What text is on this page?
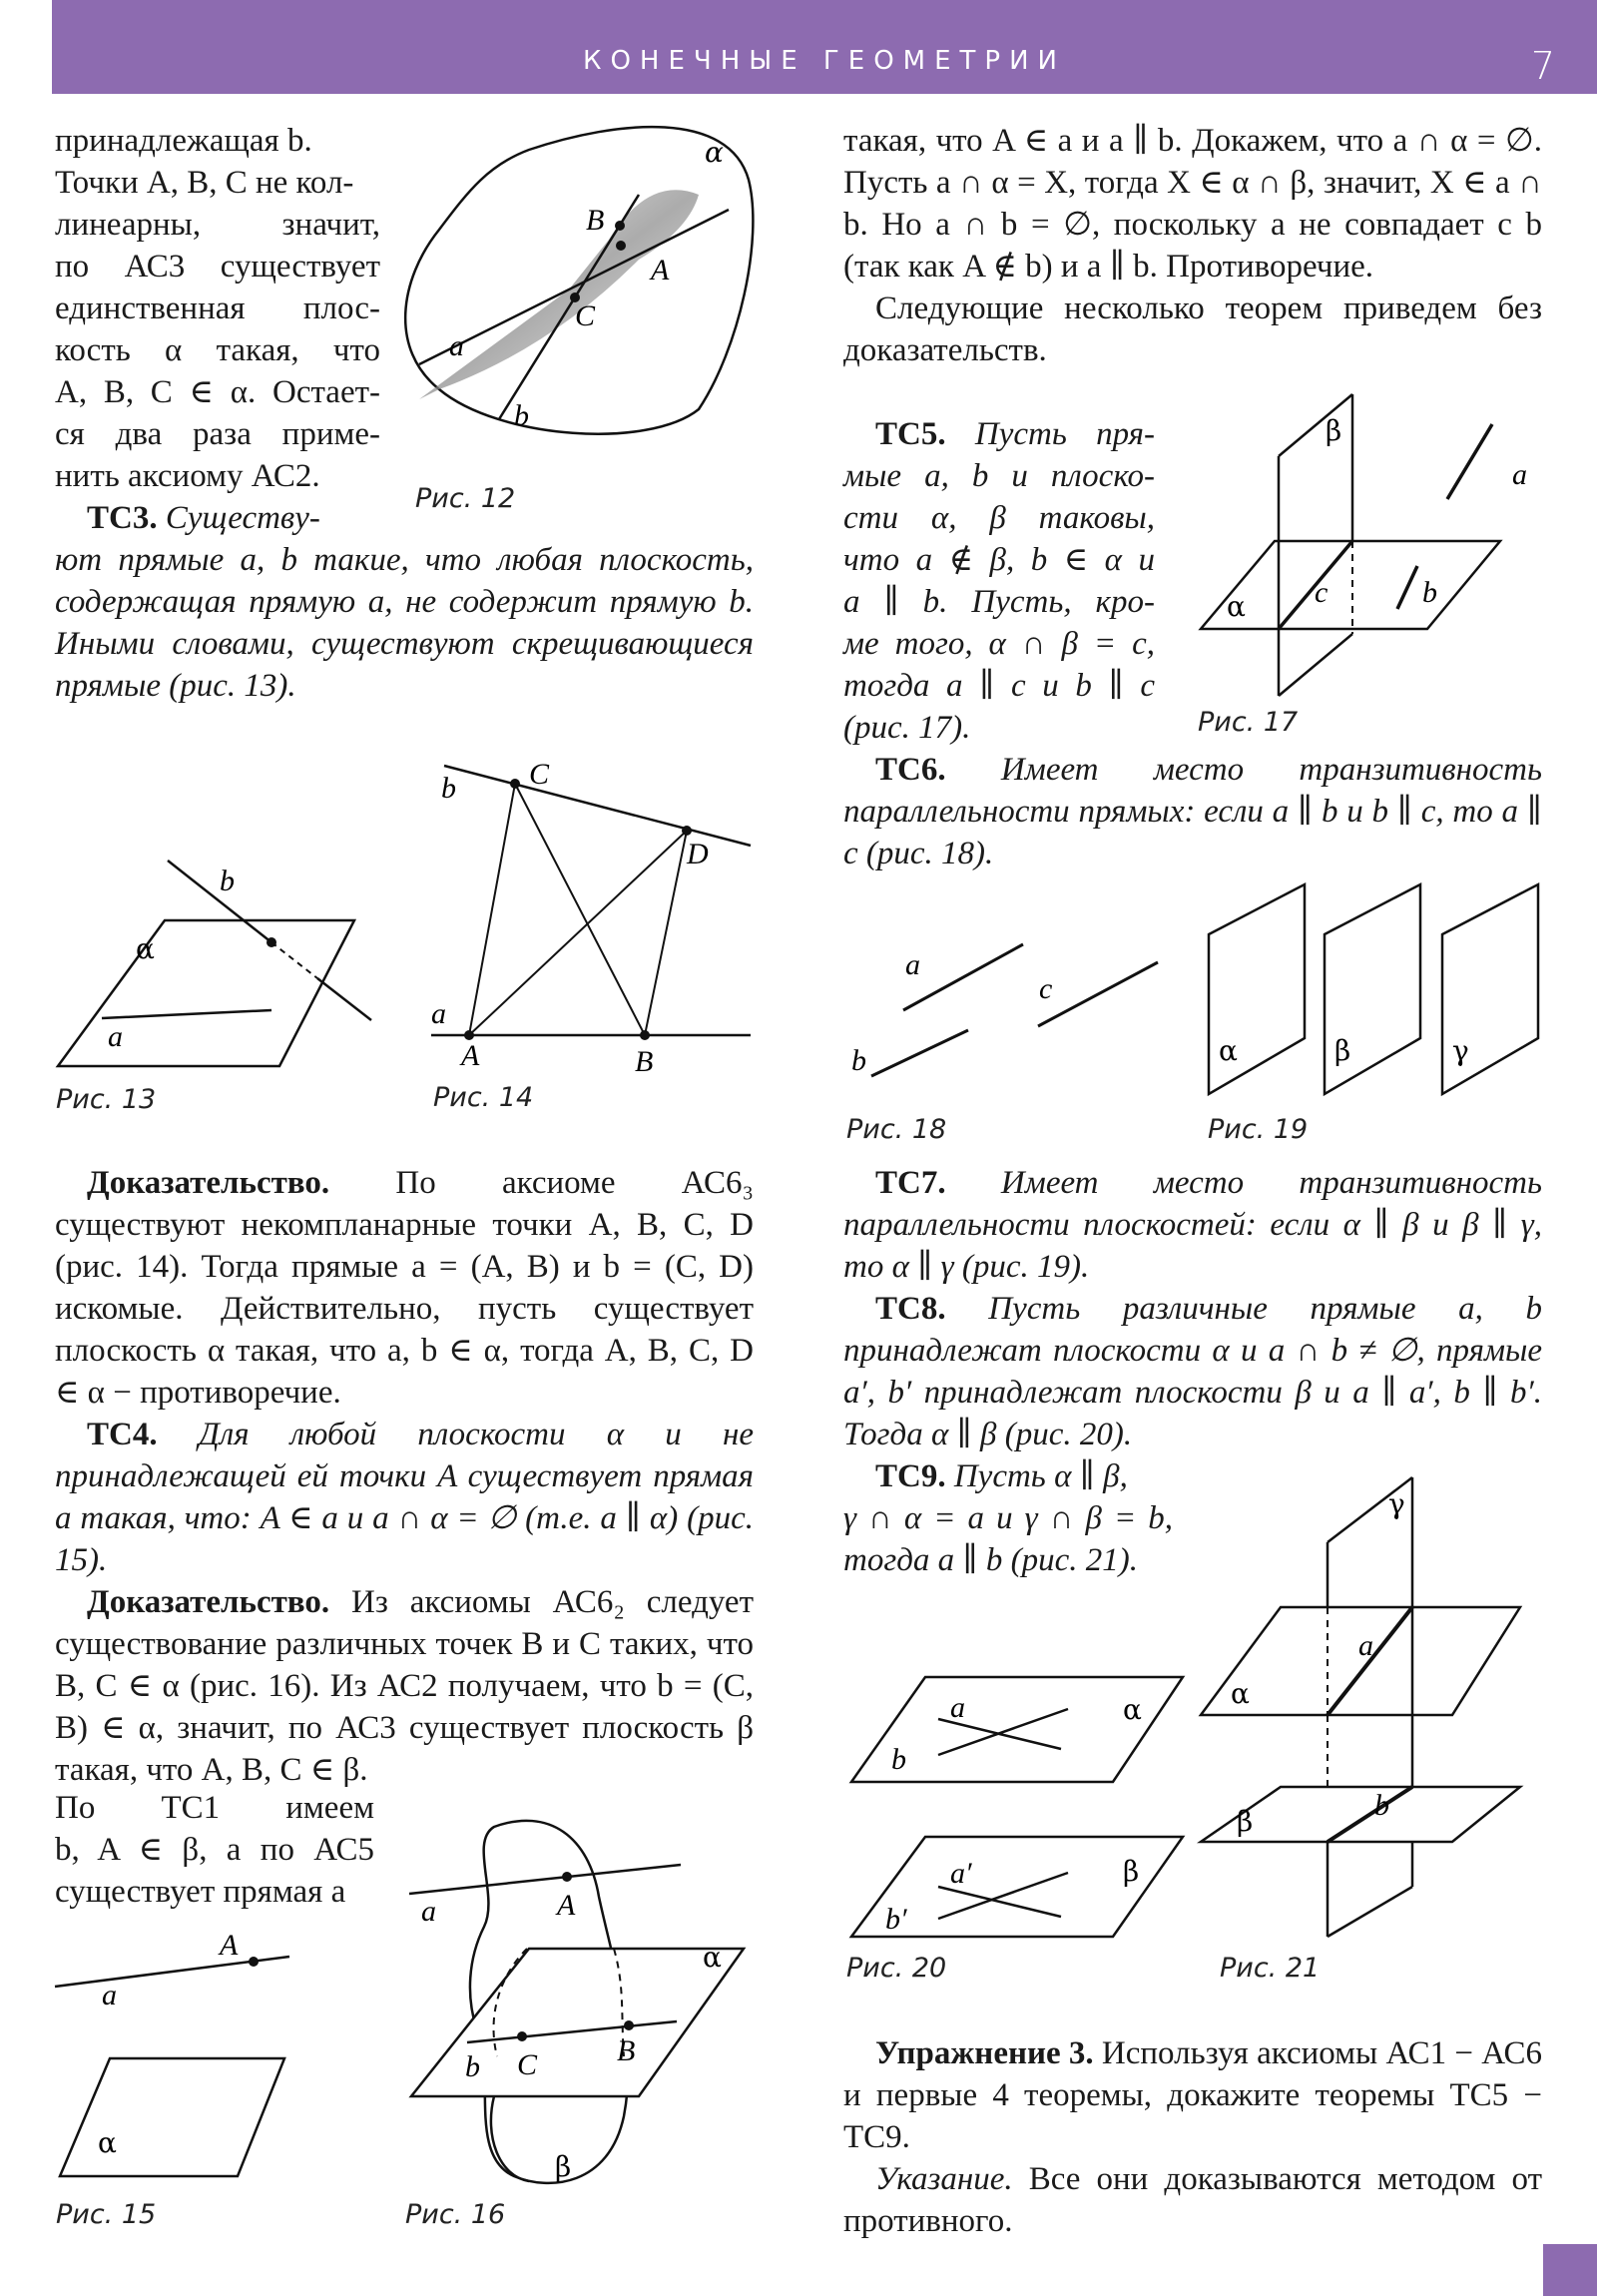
КОНЕЧНЫЕ ГЕОМЕТРИИ	7

принадлежащая b.

Точки A, B, C не кол-

линеарны, значит,

по АС3 существует

единственная плос-

кость α такая, что

A, B, C ∈ α. Остает-

ся два раза приме-

нить аксиому АС2.

ТС3. Существу-

ют прямые a, b такие, что любая плоскость, содержащая прямую a, не содержит прямую b. Иными словами, существуют скрещивающиеся прямые (рис. 13).

Доказательство. По аксиоме АС6₃ существуют некомпланарные точки A, B, C, D (рис. 14). Тогда прямые a = (A, B) и b = (C, D) искомые. Действительно, пусть существует плоскость α такая, что a, b ∈ α, тогда A, B, C, D ∈ α − противоречие.

ТС4. Для любой плоскости α и не принадлежащей ей точки A существует прямая a такая, что: A ∈ a и a ∩ α = ∅ (т.е. a ∥ α) (рис. 15).

Доказательство. Из аксиомы АС6₂ следует существование различных точек B и C таких, что B, C ∈ α (рис. 16). Из АС2 получаем, что b = (C, B) ∈ α, значит, по АС3 существует плоскость β такая, что A, B, C ∈ β.

По ТС1 имеем

b, A ∈ β, а по АС5

существует прямая a

такая, что A ∈ a и a ∥ b. Докажем, что a ∩ α = ∅. Пусть a ∩ α = X, тогда X ∈ α ∩ β, значит, X ∈ a ∩ b. Но a ∩ b = ∅, поскольку a не совпадает с b (так как A ∉ b) и a ∥ b. Противоречие.

Следующие несколько теорем приведем без доказательств.

ТС5. Пусть пря-

мые a, b и плоско-

сти α, β таковы,

что a ∉ β, b ∈ α и

a ∥ b. Пусть, кро-

ме того, α ∩ β = c,

тогда a ∥ c и b ∥ c

(рис. 17).

ТС6. Имеет место транзитивность параллельности прямых: если a ∥ b и b ∥ c, то a ∥ c (рис. 18).

ТС7. Имеет место транзитивность параллельности плоскостей: если α ∥ β и β ∥ γ, то α ∥ γ (рис. 19).

ТС8. Пусть различные прямые a, b принадлежат плоскости α и a ∩ b ≠ ∅, прямые a′, b′ принадлежат плоскости β и a ∥ a′, b ∥ b′. Тогда α ∥ β (рис. 20).

ТС9. Пусть α ∥ β,

γ ∩ α = a и γ ∩ β = b,

тогда a ∥ b (рис. 21).

Упражнение 3. Используя аксиомы АС1 − АС6 и первые 4 теоремы, докажите теоремы ТС5 − ТС9.

Указание. Все они доказываются методом от противного.

α
B
A
C
a
b
Рис. 12
b
α
a
Рис. 13
C
b
D
a
A	B
Рис. 14
A
a
α
Рис. 15
a	A
α
b C	B
β
Рис. 16
β
a
c	b
α
Рис. 17
a
c
b
Рис. 18
α	β	γ
Рис. 19
a	α
b
a′	β
b′
Рис. 20
γ
a
α
b
β
Рис. 21
